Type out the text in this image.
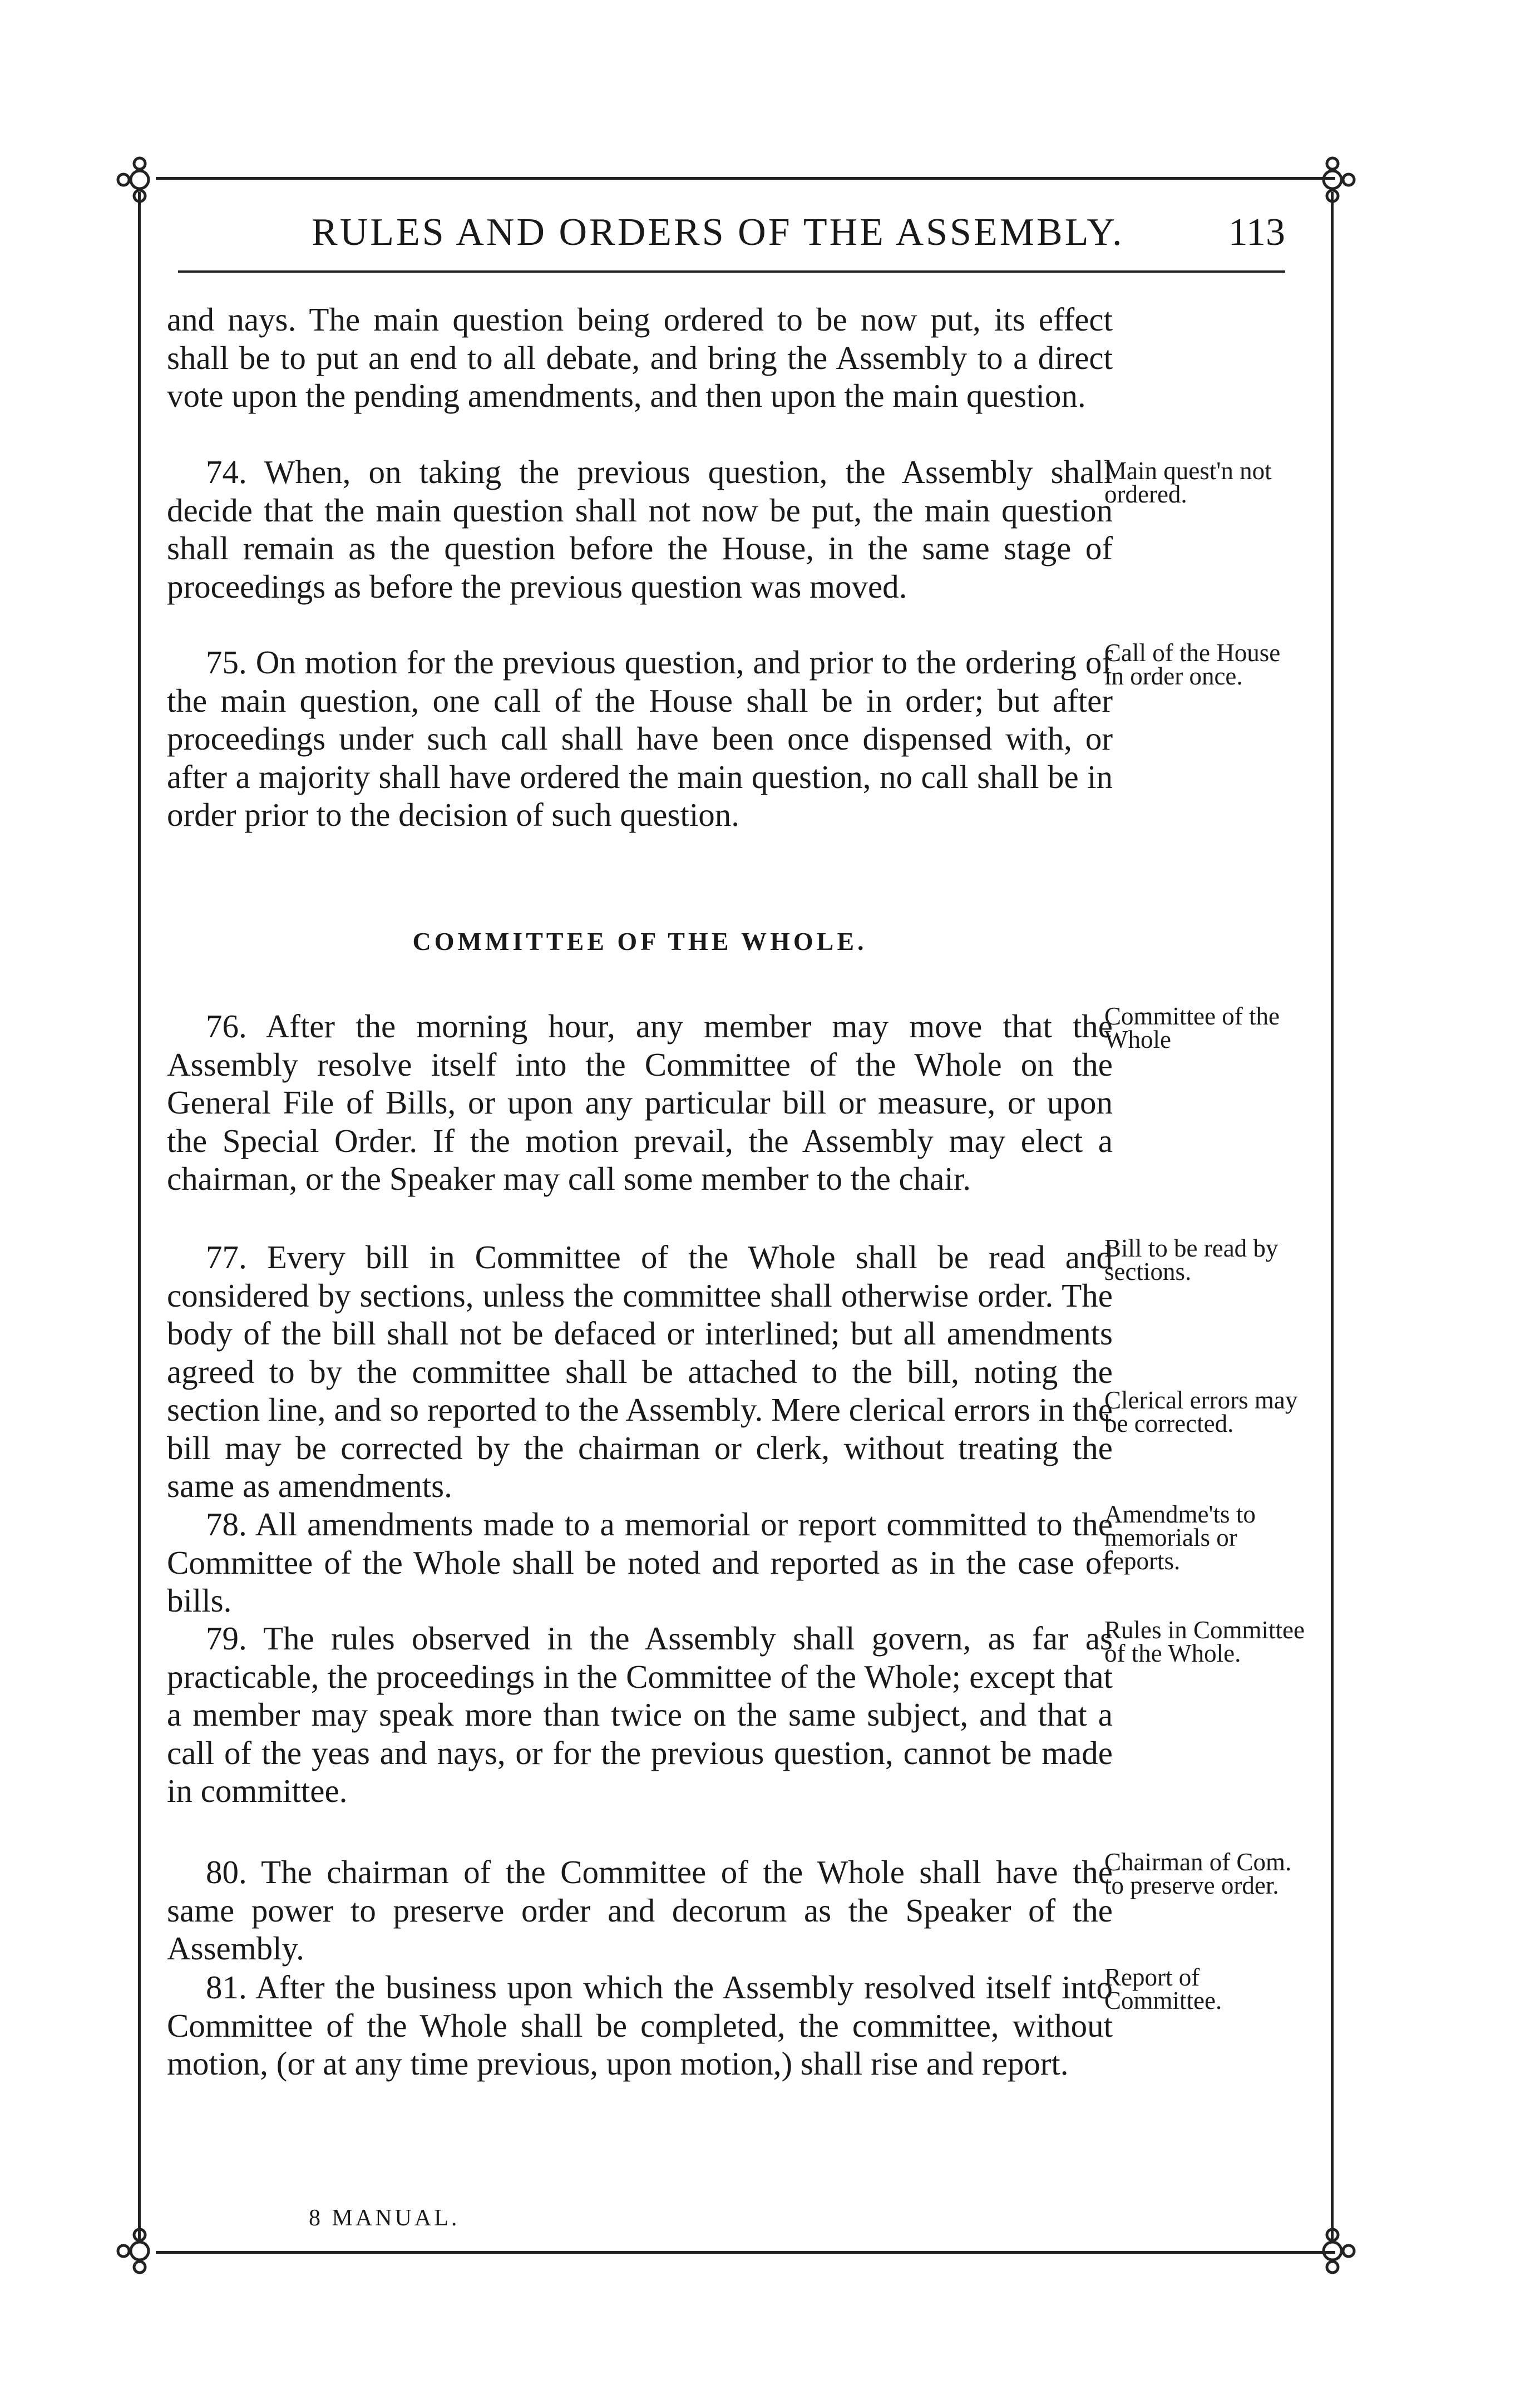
RULES AND ORDERS OF THE ASSEMBLY.	113

and nays. The main question being ordered to be now put, its effect shall be to put an end to all debate, and bring the Assembly to a direct vote upon the pending amendments, and then upon the main question.

74. When, on taking the previous question, the Assembly shall decide that the main question shall not now be put, the main question shall remain as the question before the House, in the same stage of proceedings as before the previous question was moved.

75. On motion for the previous question, and prior to the ordering of the main question, one call of the House shall be in order; but after proceedings under such call shall have been once dispensed with, or after a majority shall have ordered the main question, no call shall be in order prior to the decision of such question.

COMMITTEE OF THE WHOLE.

76. After the morning hour, any member may move that the Assembly resolve itself into the Committee of the Whole on the General File of Bills, or upon any particular bill or measure, or upon the Special Order. If the motion prevail, the Assembly may elect a chairman, or the Speaker may call some member to the chair.

77. Every bill in Committee of the Whole shall be read and considered by sections, unless the committee shall otherwise order. The body of the bill shall not be defaced or interlined; but all amendments agreed to by the committee shall be attached to the bill, noting the section line, and so reported to the Assembly. Mere clerical errors in the bill may be corrected by the chairman or clerk, without treating the same as amendments.

78. All amendments made to a memorial or report committed to the Committee of the Whole shall be noted and reported as in the case of bills.

79. The rules observed in the Assembly shall govern, as far as practicable, the proceedings in the Committee of the Whole; except that a member may speak more than twice on the same subject, and that a call of the yeas and nays, or for the previous question, cannot be made in committee.

80. The chairman of the Committee of the Whole shall have the same power to preserve order and decorum as the Speaker of the Assembly.

81. After the business upon which the Assembly resolved itself into Committee of the Whole shall be completed, the committee, without motion, (or at any time previous, upon motion,) shall rise and report.

Main quest'n not ordered.
Call of the House in order once.
Committee of the Whole
Bill to be read by sections.
Clerical errors may be corrected.
Amendme'ts to memorials or reports.
Rules in Committee of the Whole.
Chairman of Com. to preserve order.
Report of Committee.
8 MANUAL.
